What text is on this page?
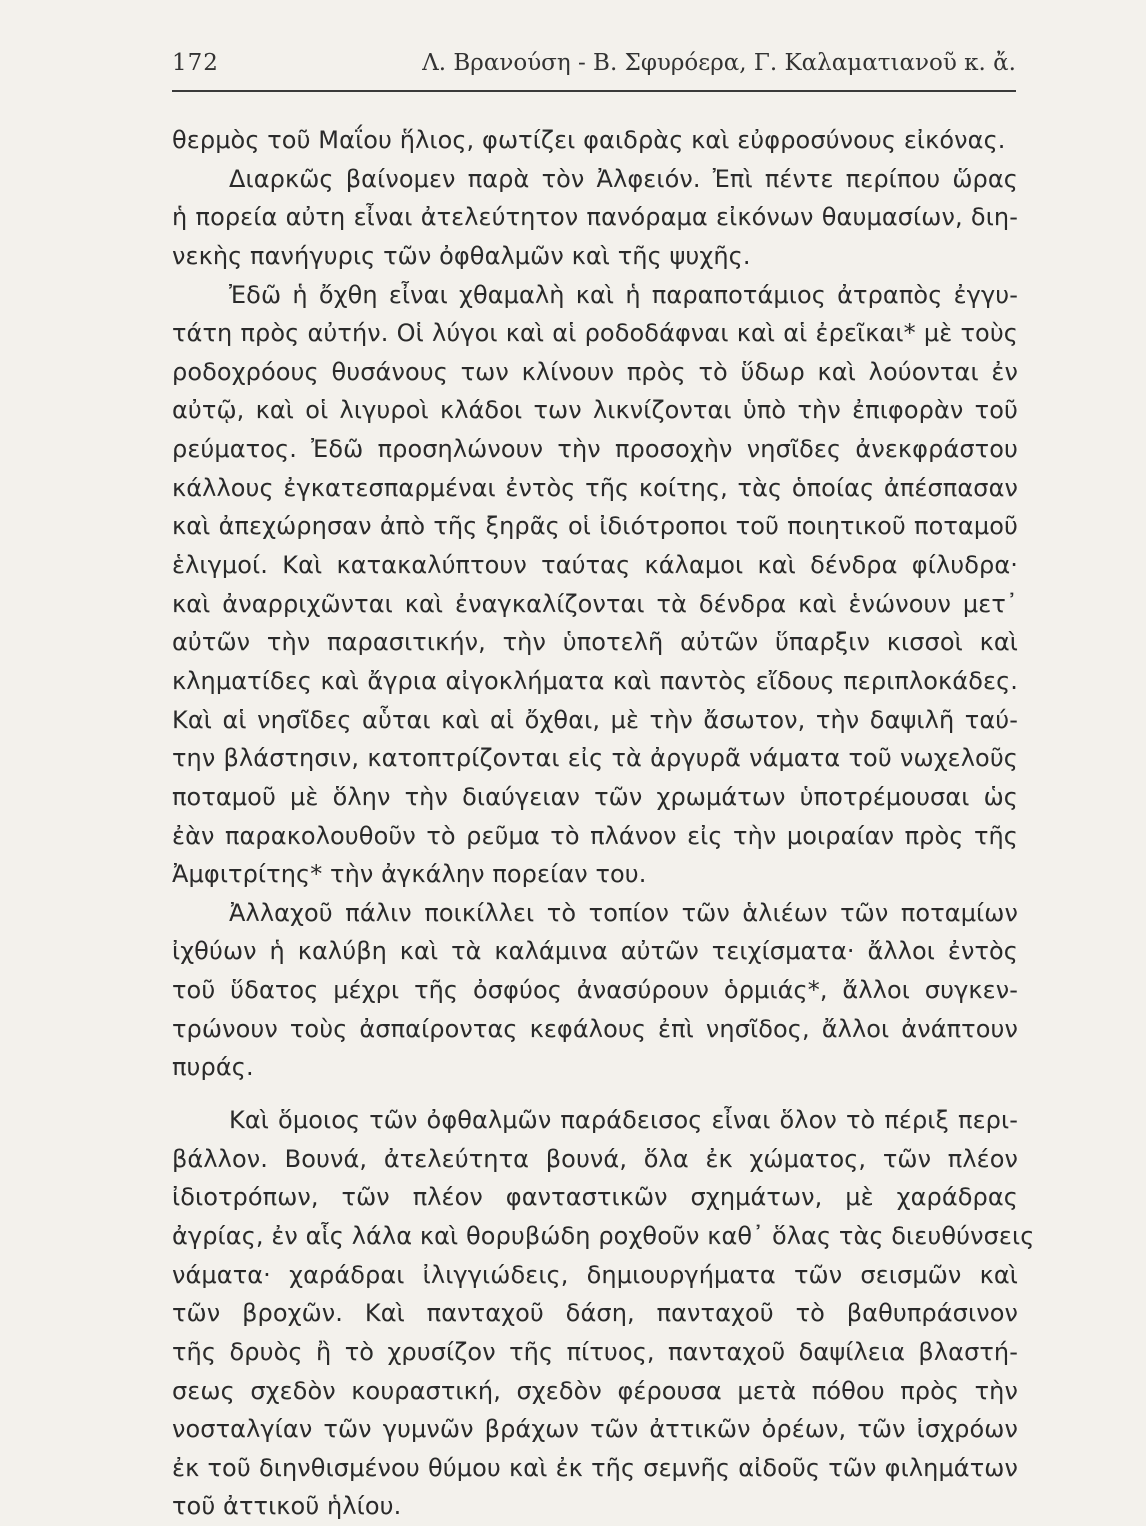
172	Λ. Βρανούση - Β. Σφυρόερα, Γ. Καλαματιανοῦ κ. ἄ.
θερμὸς τοῦ Μαΐου ἥλιος, φωτίζει φαιδρὰς καὶ εὐφροσύνους εἰκόνας.
Διαρκῶς βαίνομεν παρὰ τὸν Ἀλφειόν. Ἐπὶ πέντε περίπου ὥρας
ἡ πορεία αὐτη εἶναι ἀτελεύτητον πανόραμα εἰκόνων θαυμασίων, διη-
νεκὴς πανήγυρις τῶν ὀφθαλμῶν καὶ τῆς ψυχῆς.
Ἐδῶ ἡ ὄχθη εἶναι χθαμαλὴ καὶ ἡ παραποτάμιος ἀτραπὸς ἐγγυ-
τάτη πρὸς αὐτήν. Οἱ λύγοι καὶ αἱ ροδοδάφναι καὶ αἱ ἐρεῖκαι* μὲ τοὺς
ροδοχρόους θυσάνους των κλίνουν πρὸς τὸ ὕδωρ καὶ λούονται ἐν
αὐτῷ, καὶ οἱ λιγυροὶ κλάδοι των λικνίζονται ὑπὸ τὴν ἐπιφορὰν τοῦ
ρεύματος. Ἐδῶ προσηλώνουν τὴν προσοχὴν νησῖδες ἀνεκφράστου
κάλλους ἐγκατεσπαρμέναι ἐντὸς τῆς κοίτης, τὰς ὁποίας ἀπέσπασαν
καὶ ἀπεχώρησαν ἀπὸ τῆς ξηρᾶς οἱ ἰδιότροποι τοῦ ποιητικοῦ ποταμοῦ
ἑλιγμοί. Καὶ κατακαλύπτουν ταύτας κάλαμοι καὶ δένδρα φίλυδρα·
καὶ ἀναρριχῶνται καὶ ἐναγκαλίζονται τὰ δένδρα καὶ ἑνώνουν μετ᾽
αὐτῶν τὴν παρασιτικήν, τὴν ὑποτελῆ αὐτῶν ὕπαρξιν κισσοὶ καὶ
κληματίδες καὶ ἄγρια αἰγοκλήματα καὶ παντὸς εἴδους περιπλοκάδες.
Καὶ αἱ νησῖδες αὗται καὶ αἱ ὄχθαι, μὲ τὴν ἄσωτον, τὴν δαψιλῆ ταύ-
την βλάστησιν, κατοπτρίζονται εἰς τὰ ἀργυρᾶ νάματα τοῦ νωχελοῦς
ποταμοῦ μὲ ὅλην τὴν διαύγειαν τῶν χρωμάτων ὑποτρέμουσαι ὡς
ἐὰν παρακολουθοῦν τὸ ρεῦμα τὸ πλάνον εἰς τὴν μοιραίαν πρὸς τῆς
Ἀμφιτρίτης* τὴν ἀγκάλην πορείαν του.
Ἀλλαχοῦ πάλιν ποικίλλει τὸ τοπίον τῶν ἁλιέων τῶν ποταμίων
ἰχθύων ἡ καλύβη καὶ τὰ καλάμινα αὐτῶν τειχίσματα· ἄλλοι ἐντὸς
τοῦ ὕδατος μέχρι τῆς ὀσφύος ἀνασύρουν ὁρμιάς*, ἄλλοι συγκεν-
τρώνουν τοὺς ἀσπαίροντας κεφάλους ἐπὶ νησῖδος, ἄλλοι ἀνάπτουν
πυράς.
Καὶ ὅμοιος τῶν ὀφθαλμῶν παράδεισος εἶναι ὅλον τὸ πέριξ περι-
βάλλον. Βουνά, ἀτελεύτητα βουνά, ὅλα ἐκ χώματος, τῶν πλέον
ἰδιοτρόπων, τῶν πλέον φανταστικῶν σχημάτων, μὲ χαράδρας
ἀγρίας, ἐν αἷς λάλα καὶ θορυβώδη ροχθοῦν καθ᾽ ὅλας τὰς διευθύνσεις
νάματα· χαράδραι ἰλιγγιώδεις, δημιουργήματα τῶν σεισμῶν καὶ
τῶν βροχῶν. Καὶ πανταχοῦ δάση, πανταχοῦ τὸ βαθυπράσινον
τῆς δρυὸς ἢ τὸ χρυσίζον τῆς πίτυος, πανταχοῦ δαψίλεια βλαστή-
σεως σχεδὸν κουραστική, σχεδὸν φέρουσα μετὰ πόθου πρὸς τὴν
νοσταλγίαν τῶν γυμνῶν βράχων τῶν ἀττικῶν ὀρέων, τῶν ἰσχρόων
ἐκ τοῦ διηνθισμένου θύμου καὶ ἐκ τῆς σεμνῆς αἰδοῦς τῶν φιλημάτων
τοῦ ἀττικοῦ ἡλίου.
